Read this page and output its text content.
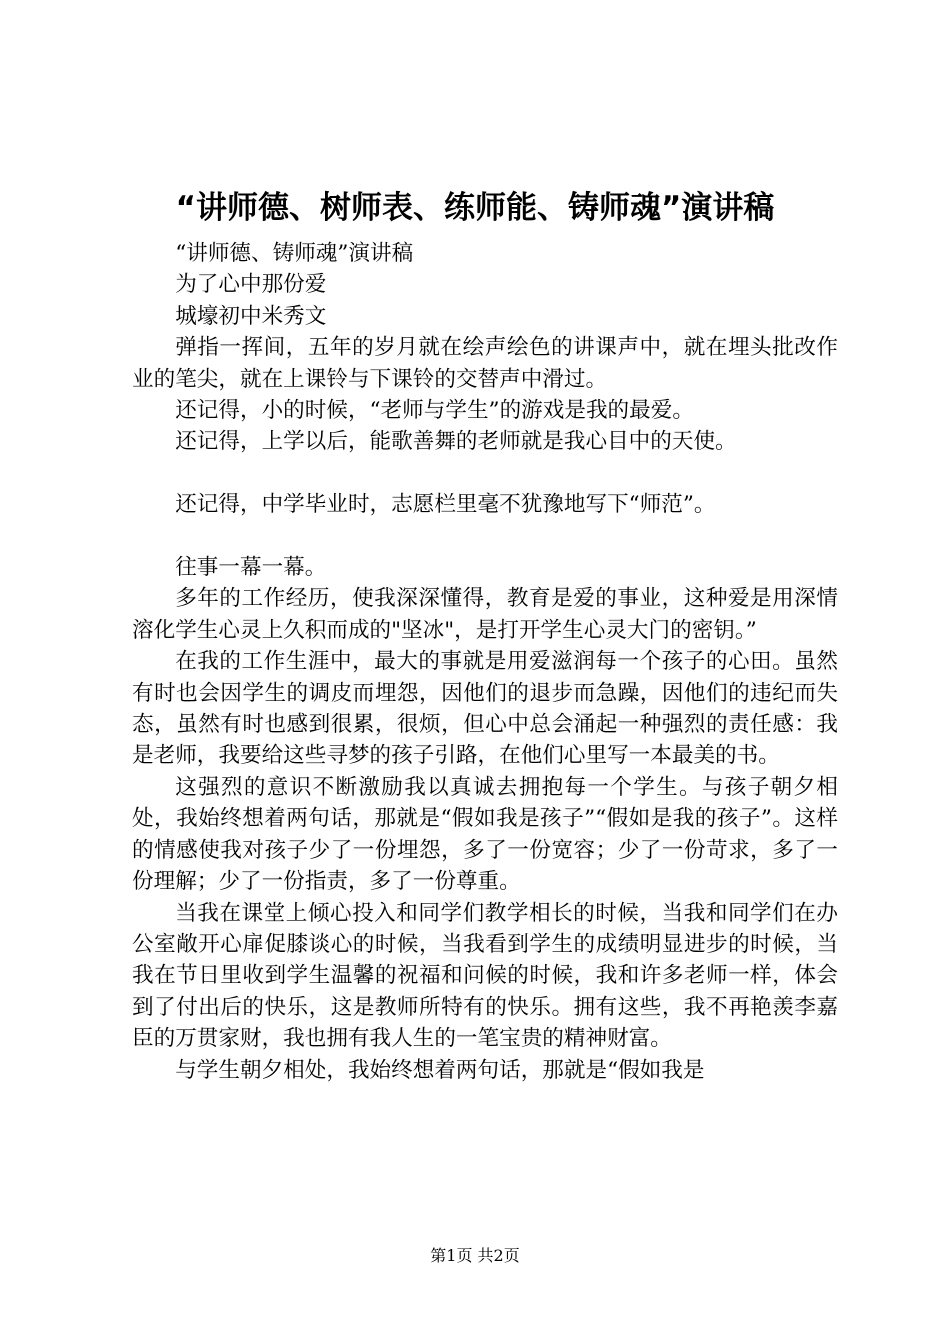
“讲师德、树师表、练师能、铸师魂”演讲稿

“讲师德、铸师魂”演讲稿

为了心中那份爱

城壕初中米秀文

弹指一挥间，五年的岁月就在绘声绘色的讲课声中，就在埋头批改作业的笔尖，就在上课铃与下课铃的交替声中滑过。

还记得，小的时候，“老师与学生”的游戏是我的最爱。

还记得，上学以后，能歌善舞的老师就是我心目中的天使。

还记得，中学毕业时，志愿栏里毫不犹豫地写下“师范”。

往事一幕一幕。

多年的工作经历，使我深深懂得，教育是爱的事业，这种爱是用深情溶化学生心灵上久积而成的"坚冰"，是打开学生心灵大门的密钥。”

在我的工作生涯中，最大的事就是用爱滋润每一个孩子的心田。虽然有时也会因学生的调皮而埋怨，因他们的退步而急躁，因他们的违纪而失态，虽然有时也感到很累，很烦，但心中总会涌起一种强烈的责任感：我是老师，我要给这些寻梦的孩子引路，在他们心里写一本最美的书。

这强烈的意识不断激励我以真诚去拥抱每一个学生。与孩子朝夕相处，我始终想着两句话，那就是“假如我是孩子”“假如是我的孩子”。这样的情感使我对孩子少了一份埋怨，多了一份宽容；少了一份苛求，多了一份理解；少了一份指责，多了一份尊重。

当我在课堂上倾心投入和同学们教学相长的时候，当我和同学们在办公室敞开心扉促膝谈心的时候，当我看到学生的成绩明显进步的时候，当我在节日里收到学生温馨的祝福和问候的时候，我和许多老师一样，体会到了付出后的快乐，这是教师所特有的快乐。拥有这些，我不再艳羡李嘉臣的万贯家财，我也拥有我人生的一笔宝贵的精神财富。

与学生朝夕相处，我始终想着两句话，那就是“假如我是

第1页 共2页
